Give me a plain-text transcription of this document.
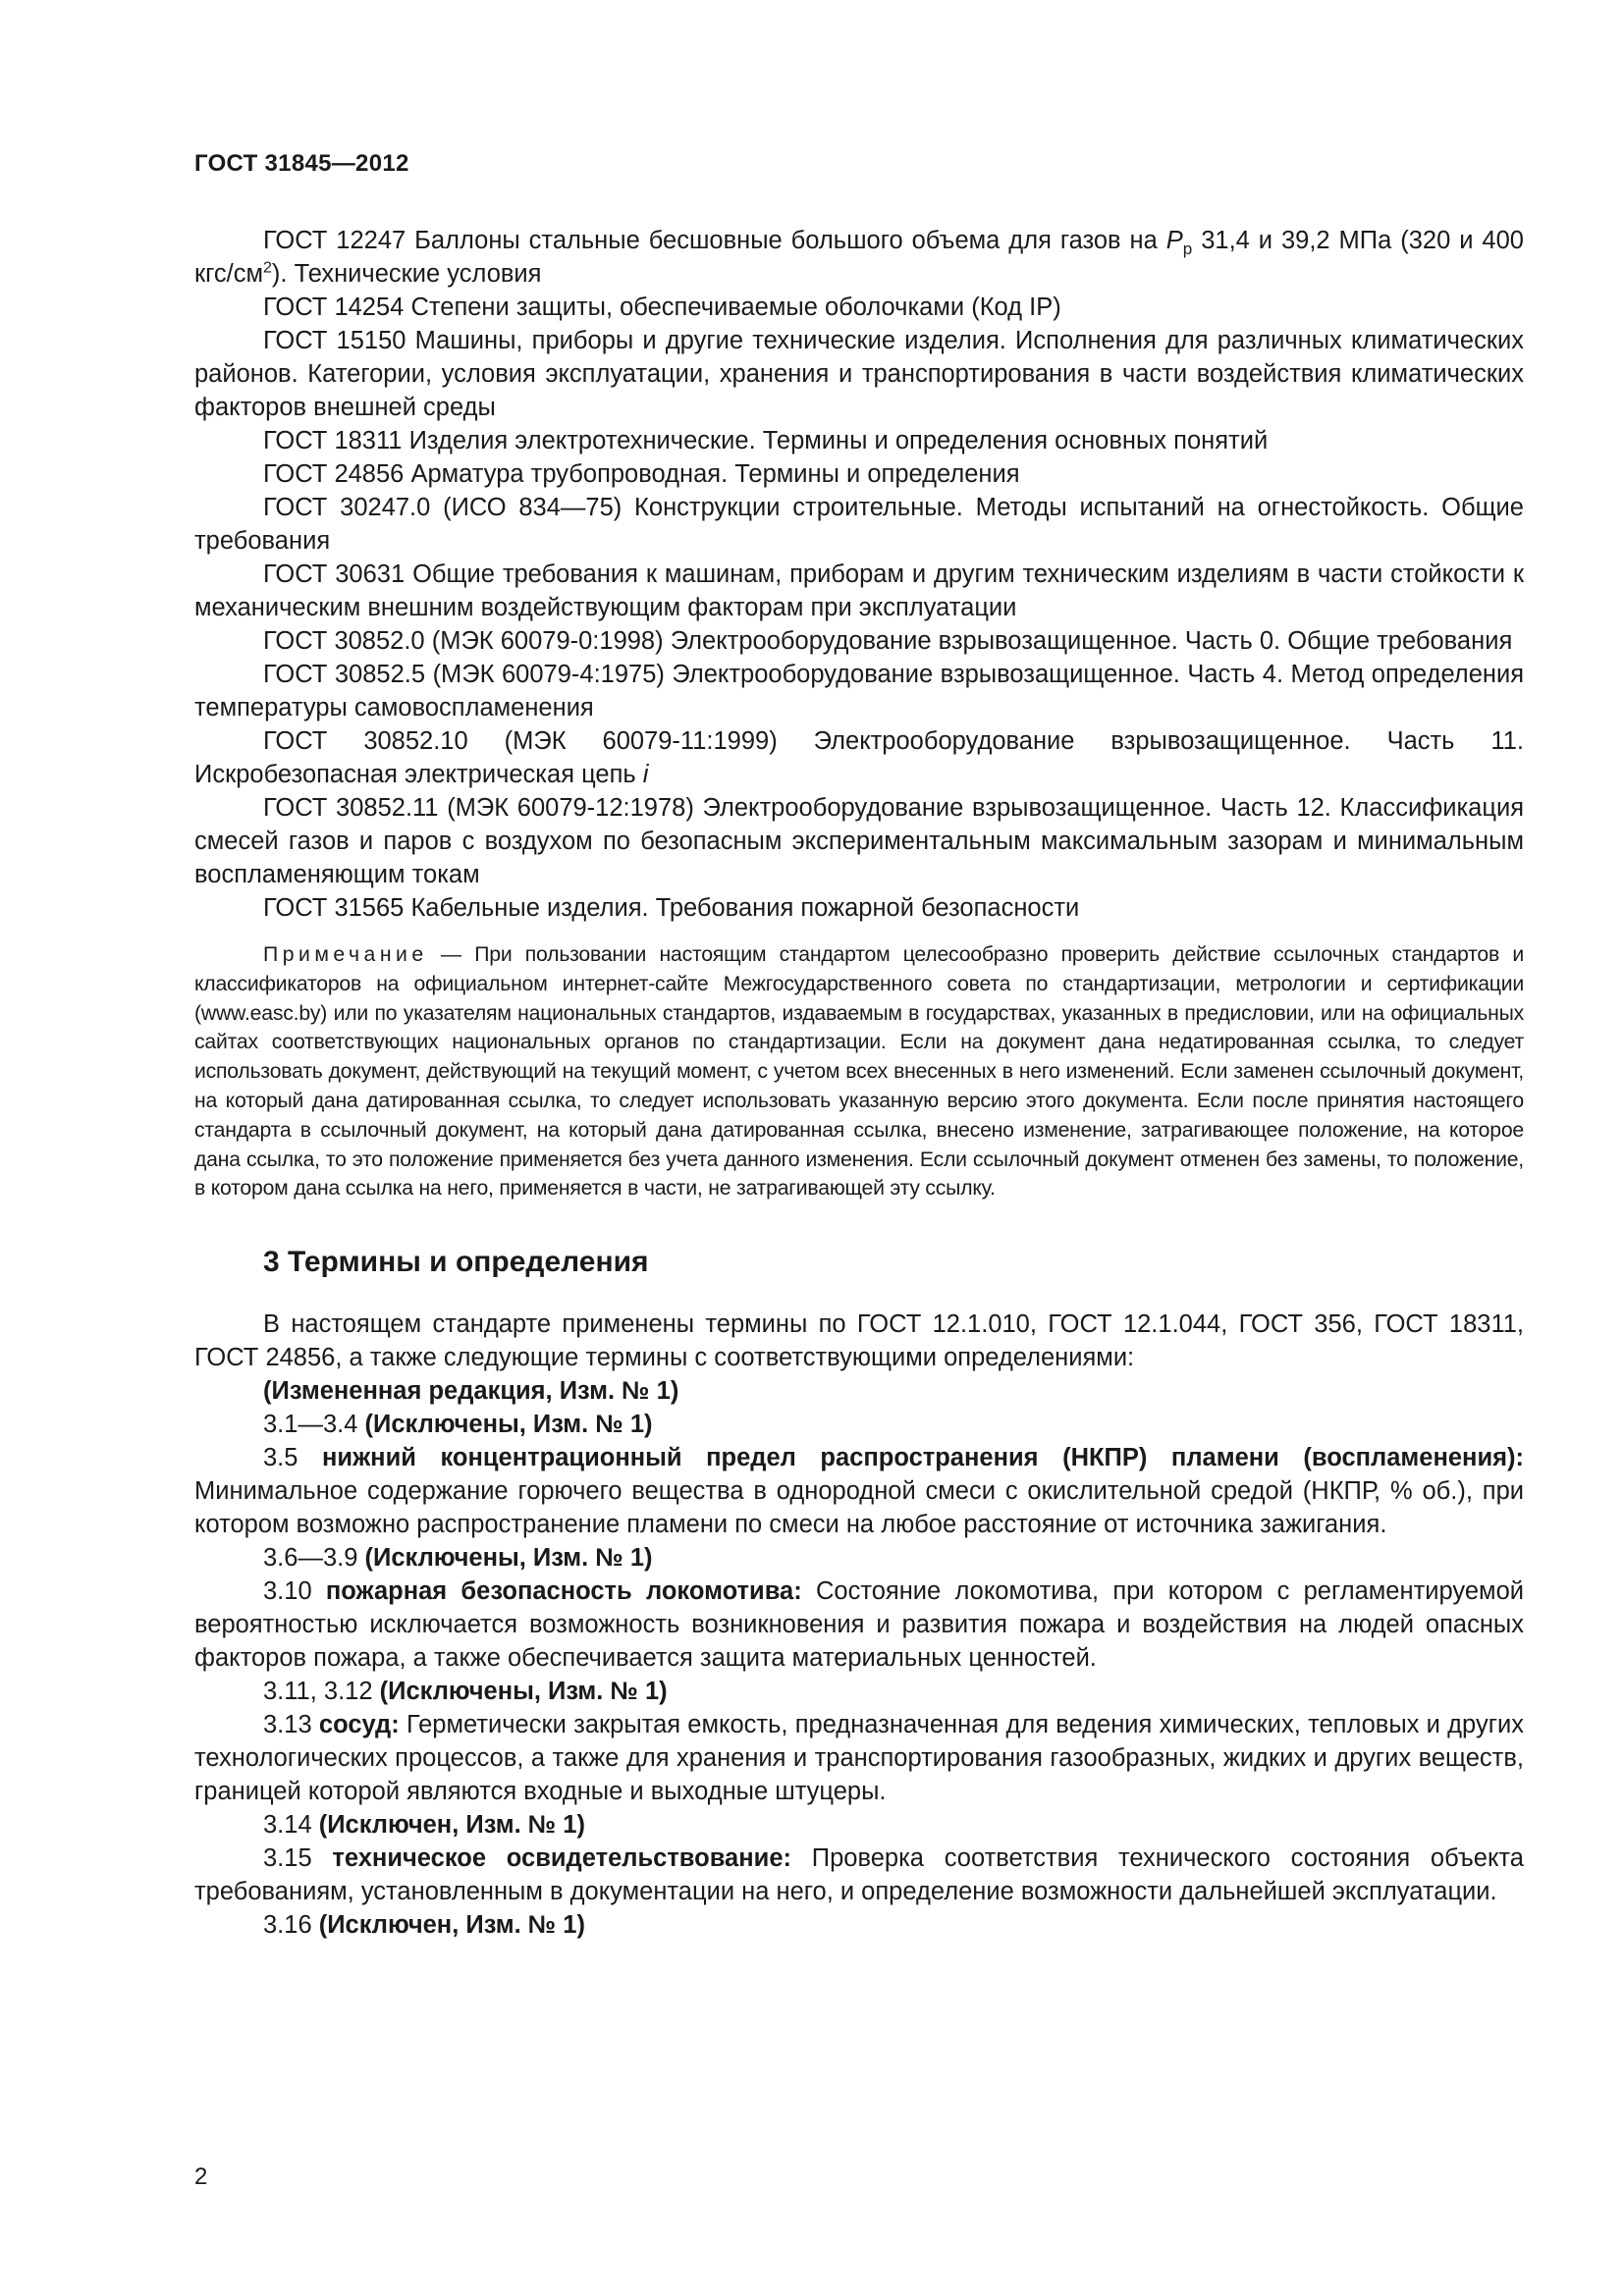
ГОСТ 31845—2012

ГОСТ 12247 Баллоны стальные бесшовные большого объема для газов на $P_р$ 31,4 и 39,2 МПа (320 и 400 кгс/$см^2$). Технические условия

ГОСТ 14254 Степени защиты, обеспечиваемые оболочками (Код IP)

ГОСТ 15150 Машины, приборы и другие технические изделия. Исполнения для различных климатических районов. Категории, условия эксплуатации, хранения и транспортирования в части воздействия климатических факторов внешней среды

ГОСТ 18311 Изделия электротехнические. Термины и определения основных понятий

ГОСТ 24856 Арматура трубопроводная. Термины и определения

ГОСТ 30247.0 (ИСО 834—75) Конструкции строительные. Методы испытаний на огнестойкость. Общие требования

ГОСТ 30631 Общие требования к машинам, приборам и другим техническим изделиям в части стойкости к механическим внешним воздействующим факторам при эксплуатации

ГОСТ 30852.0 (МЭК 60079-0:1998) Электрооборудование взрывозащищенное. Часть 0. Общие требования

ГОСТ 30852.5 (МЭК 60079-4:1975) Электрооборудование взрывозащищенное. Часть 4. Метод определения температуры самовоспламенения

ГОСТ 30852.10 (МЭК 60079-11:1999) Электрооборудование взрывозащищенное. Часть 11. Искробезопасная электрическая цепь i

ГОСТ 30852.11 (МЭК 60079-12:1978) Электрооборудование взрывозащищенное. Часть 12. Классификация смесей газов и паров с воздухом по безопасным экспериментальным максимальным зазорам и минимальным воспламеняющим токам

ГОСТ 31565 Кабельные изделия. Требования пожарной безопасности

Примечание — При пользовании настоящим стандартом целесообразно проверить действие ссылочных стандартов и классификаторов на официальном интернет-сайте Межгосударственного совета по стандартизации, метрологии и сертификации (www.easc.by) или по указателям национальных стандартов, издаваемым в государствах, указанных в предисловии, или на официальных сайтах соответствующих национальных органов по стандартизации. Если на документ дана недатированная ссылка, то следует использовать документ, действующий на текущий момент, с учетом всех внесенных в него изменений. Если заменен ссылочный документ, на который дана датированная ссылка, то следует использовать указанную версию этого документа. Если после принятия настоящего стандарта в ссылочный документ, на который дана датированная ссылка, внесено изменение, затрагивающее положение, на которое дана ссылка, то это положение применяется без учета данного изменения. Если ссылочный документ отменен без замены, то положение, в котором дана ссылка на него, применяется в части, не затрагивающей эту ссылку.

3 Термины и определения

В настоящем стандарте применены термины по ГОСТ 12.1.010, ГОСТ 12.1.044, ГОСТ 356, ГОСТ 18311, ГОСТ 24856, а также следующие термины с соответствующими определениями:

(Измененная редакция, Изм. № 1)

3.1—3.4 (Исключены, Изм. № 1)

3.5 нижний концентрационный предел распространения (НКПР) пламени (воспламенения): Минимальное содержание горючего вещества в однородной смеси с окислительной средой (НКПР, % об.), при котором возможно распространение пламени по смеси на любое расстояние от источника зажигания.

3.6—3.9 (Исключены, Изм. № 1)

3.10 пожарная безопасность локомотива: Состояние локомотива, при котором с регламентируемой вероятностью исключается возможность возникновения и развития пожара и воздействия на людей опасных факторов пожара, а также обеспечивается защита материальных ценностей.

3.11, 3.12 (Исключены, Изм. № 1)

3.13 сосуд: Герметически закрытая емкость, предназначенная для ведения химических, тепловых и других технологических процессов, а также для хранения и транспортирования газообразных, жидких и других веществ, границей которой являются входные и выходные штуцеры.

3.14 (Исключен, Изм. № 1)

3.15 техническое освидетельствование: Проверка соответствия технического состояния объекта требованиям, установленным в документации на него, и определение возможности дальнейшей эксплуатации.

3.16 (Исключен, Изм. № 1)

2
